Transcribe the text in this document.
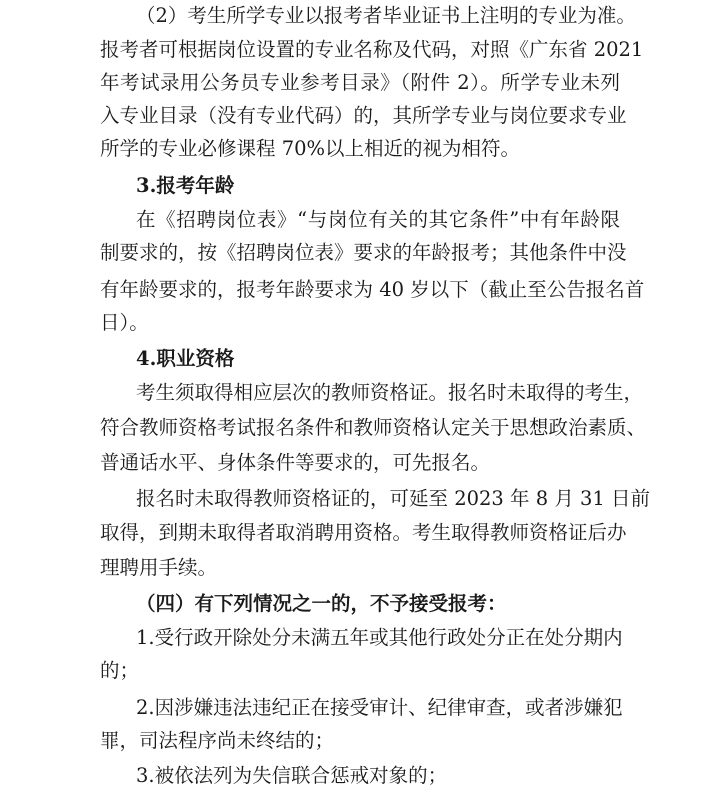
（2）考生所学专业以报考者毕业证书上注明的专业为准。
报考者可根据岗位设置的专业名称及代码，对照《广东省 2021
年考试录用公务员专业参考目录》（附件 2）。所学专业未列
入专业目录（没有专业代码）的，其所学专业与岗位要求专业
所学的专业必修课程 70%以上相近的视为相符。
3.报考年龄
在《招聘岗位表》“与岗位有关的其它条件”中有年龄限
制要求的，按《招聘岗位表》要求的年龄报考；其他条件中没
有年龄要求的，报考年龄要求为 40 岁以下（截止至公告报名首
日）。
4.职业资格
考生须取得相应层次的教师资格证。报名时未取得的考生，
符合教师资格考试报名条件和教师资格认定关于思想政治素质、
普通话水平、身体条件等要求的，可先报名。
报名时未取得教师资格证的，可延至 2023 年 8 月 31 日前
取得，到期未取得者取消聘用资格。考生取得教师资格证后办
理聘用手续。
（四）有下列情况之一的，不予接受报考：
1.受行政开除处分未满五年或其他行政处分正在处分期内
的；
2.因涉嫌违法违纪正在接受审计、纪律审查，或者涉嫌犯
罪，司法程序尚未终结的；
3.被依法列为失信联合惩戒对象的；
